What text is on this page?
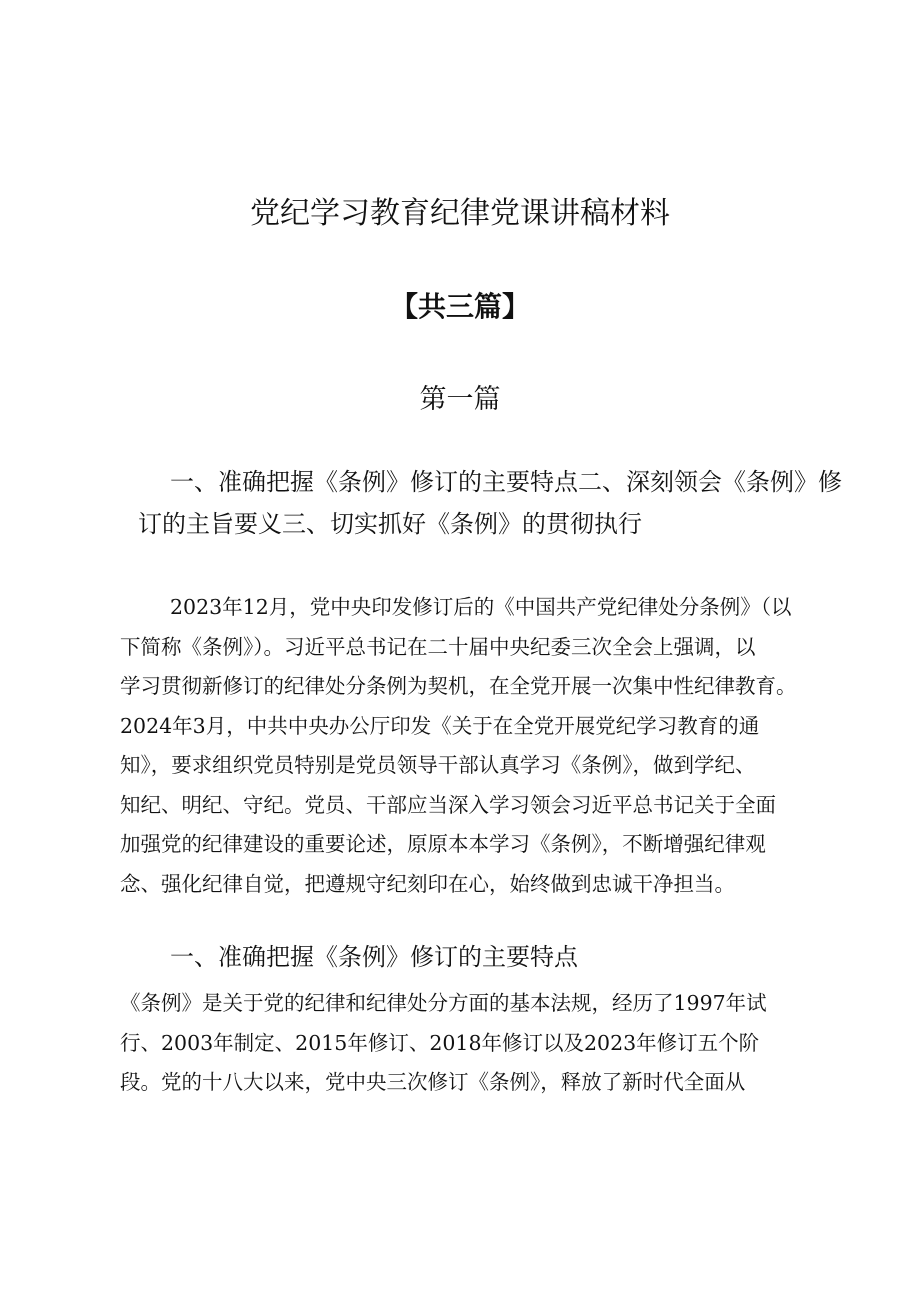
党纪学习教育纪律党课讲稿材料
【共三篇】
第一篇
一、准确把握《条例》修订的主要特点二、深刻领会《条例》修
订的主旨要义三、切实抓好《条例》的贯彻执行
2023年12月，党中央印发修订后的《中国共产党纪律处分条例》（以
下简称《条例》）。习近平总书记在二十届中央纪委三次全会上强调，以
学习贯彻新修订的纪律处分条例为契机，在全党开展一次集中性纪律教育。
2024年3月，中共中央办公厅印发《关于在全党开展党纪学习教育的通
知》，要求组织党员特别是党员领导干部认真学习《条例》，做到学纪、
知纪、明纪、守纪。党员、干部应当深入学习领会习近平总书记关于全面
加强党的纪律建设的重要论述，原原本本学习《条例》，不断增强纪律观
念、强化纪律自觉，把遵规守纪刻印在心，始终做到忠诚干净担当。
一、准确把握《条例》修订的主要特点
《条例》是关于党的纪律和纪律处分方面的基本法规，经历了1997年试
行、2003年制定、2015年修订、2018年修订以及2023年修订五个阶
段。党的十八大以来，党中央三次修订《条例》，释放了新时代全面从
